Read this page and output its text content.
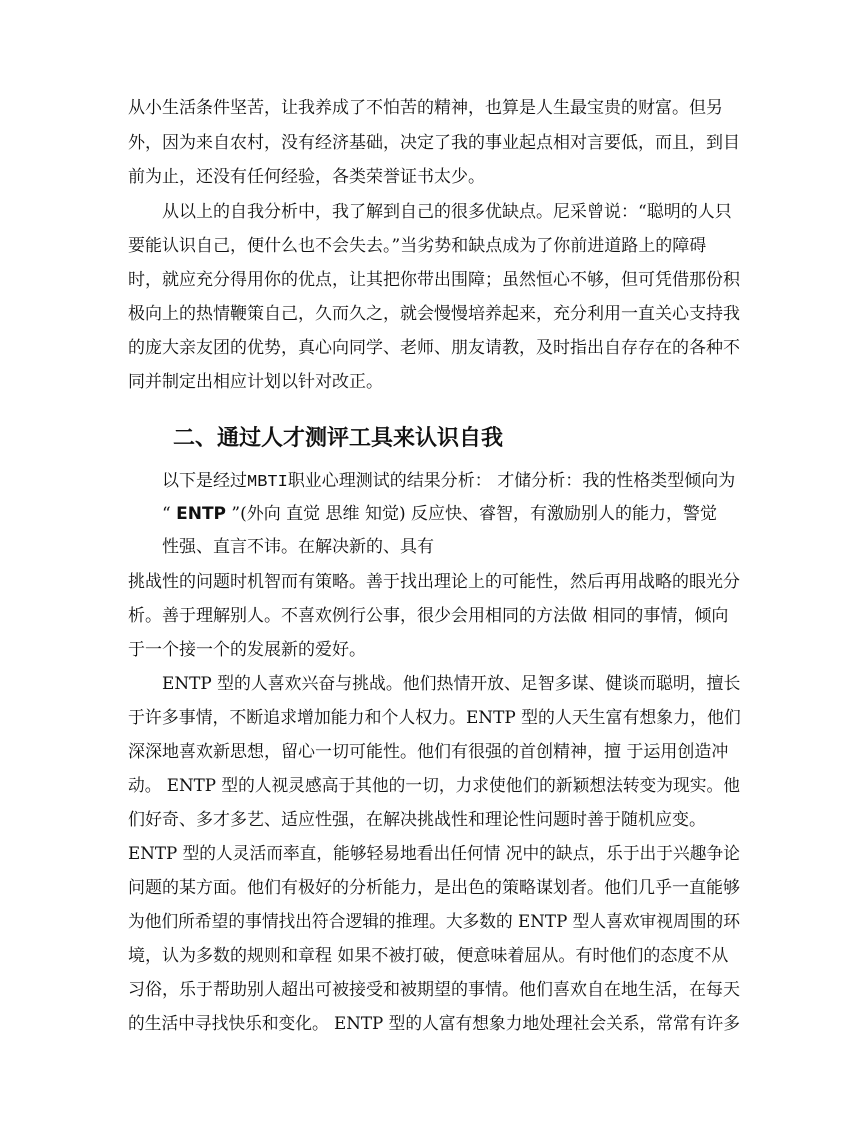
从小生活条件坚苦，让我养成了不怕苦的精神，也算是人生最宝贵的财富。但另
外，因为来自农村，没有经济基础，决定了我的事业起点相对言要低，而且，到目
前为止，还没有任何经验，各类荣誉证书太少。
从以上的自我分析中，我了解到自己的很多优缺点。尼采曾说：“聪明的人只
要能认识自己，便什么也不会失去。”当劣势和缺点成为了你前进道路上的障碍
时，就应充分得用你的优点，让其把你带出围障；虽然恒心不够，但可凭借那份积
极向上的热情鞭策自己，久而久之，就会慢慢培养起来，充分利用一直关心支持我
的庞大亲友团的优势，真心向同学、老师、朋友请教，及时指出自存存在的各种不
同并制定出相应计划以针对改正。
二、通过人才测评工具来认识自我
以下是经过MBTI职业心理测试的结果分析： 才储分析：我的性格类型倾向为
“ ENTP ”(外向 直觉 思维 知觉) 反应快、睿智，有激励别人的能力，警觉
性强、直言不讳。在解决新的、具有
挑战性的问题时机智而有策略。善于找出理论上的可能性，然后再用战略的眼光分
析。善于理解别人。不喜欢例行公事，很少会用相同的方法做 相同的事情，倾向
于一个接一个的发展新的爱好。
ENTP 型的人喜欢兴奋与挑战。他们热情开放、足智多谋、健谈而聪明，擅长
于许多事情，不断追求增加能力和个人权力。ENTP 型的人天生富有想象力，他们
深深地喜欢新思想，留心一切可能性。他们有很强的首创精神，擅 于运用创造冲
动。 ENTP 型的人视灵感高于其他的一切，力求使他们的新颖想法转变为现实。他
们好奇、多才多艺、适应性强，在解决挑战性和理论性问题时善于随机应变。
ENTP 型的人灵活而率直，能够轻易地看出任何情 况中的缺点，乐于出于兴趣争论
问题的某方面。他们有极好的分析能力，是出色的策略谋划者。他们几乎一直能够
为他们所希望的事情找出符合逻辑的推理。大多数的 ENTP 型人喜欢审视周围的环
境，认为多数的规则和章程 如果不被打破，便意味着屈从。有时他们的态度不从
习俗，乐于帮助别人超出可被接受和被期望的事情。他们喜欢自在地生活，在每天
的生活中寻找快乐和变化。 ENTP 型的人富有想象力地处理社会关系，常常有许多
